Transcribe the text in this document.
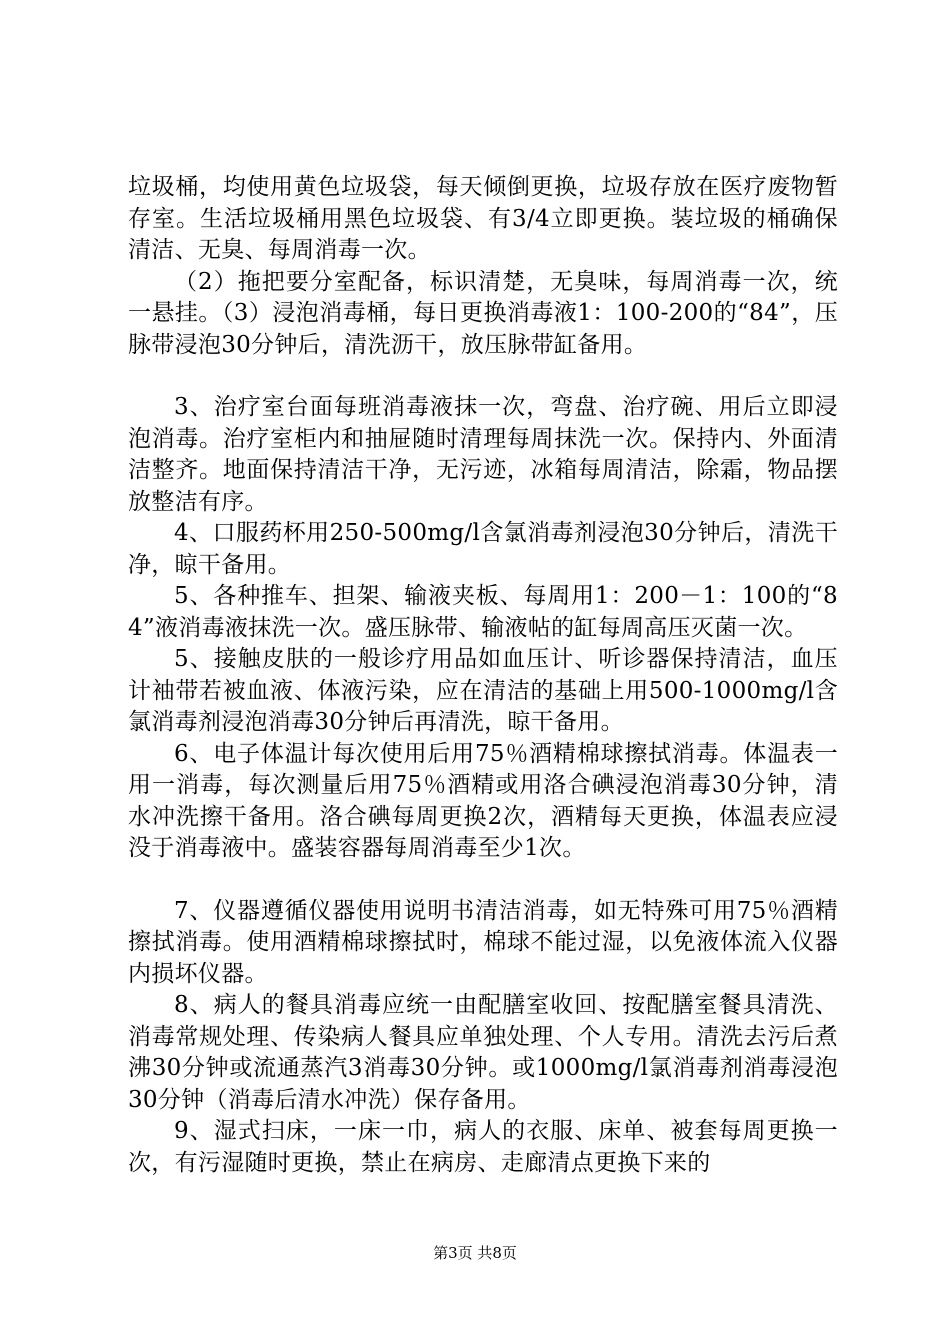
垃圾桶，均使用黄色垃圾袋，每天倾倒更换，垃圾存放在医疗废物暂存室。生活垃圾桶用黑色垃圾袋、有3/4立即更换。装垃圾的桶确保清洁、无臭、每周消毒一次。

（2）拖把要分室配备，标识清楚，无臭味，每周消毒一次，统一悬挂。（3）浸泡消毒桶，每日更换消毒液1：100-200的“84”，压脉带浸泡30分钟后，清洗沥干，放压脉带缸备用。

3、治疗室台面每班消毒液抹一次，弯盘、治疗碗、用后立即浸泡消毒。治疗室柜内和抽屉随时清理每周抹洗一次。保持内、外面清洁整齐。地面保持清洁干净，无污迹，冰箱每周清洁，除霜，物品摆放整洁有序。

4、口服药杯用250-500mg/l含氯消毒剂浸泡30分钟后，清洗干净，晾干备用。

5、各种推车、担架、输液夹板、每周用1：200－1：100的“84”液消毒液抹洗一次。盛压脉带、输液帖的缸每周高压灭菌一次。

5、接触皮肤的一般诊疗用品如血压计、听诊器保持清洁，血压计袖带若被血液、体液污染，应在清洁的基础上用500-1000mg/l含氯消毒剂浸泡消毒30分钟后再清洗，晾干备用。

6、电子体温计每次使用后用75％酒精棉球擦拭消毒。体温表一用一消毒，每次测量后用75％酒精或用洛合碘浸泡消毒30分钟，清水冲洗擦干备用。洛合碘每周更换2次，酒精每天更换，体温表应浸没于消毒液中。盛装容器每周消毒至少1次。

7、仪器遵循仪器使用说明书清洁消毒，如无特殊可用75％酒精擦拭消毒。使用酒精棉球擦拭时，棉球不能过湿，以免液体流入仪器内损坏仪器。

8、病人的餐具消毒应统一由配膳室收回、按配膳室餐具清洗、消毒常规处理、传染病人餐具应单独处理、个人专用。清洗去污后煮沸30分钟或流通蒸汽3消毒30分钟。或1000mg/l氯消毒剂消毒浸泡30分钟（消毒后清水冲洗）保存备用。

9、湿式扫床，一床一巾，病人的衣服、床单、被套每周更换一次，有污湿随时更换，禁止在病房、走廊清点更换下来的

第3页 共8页
